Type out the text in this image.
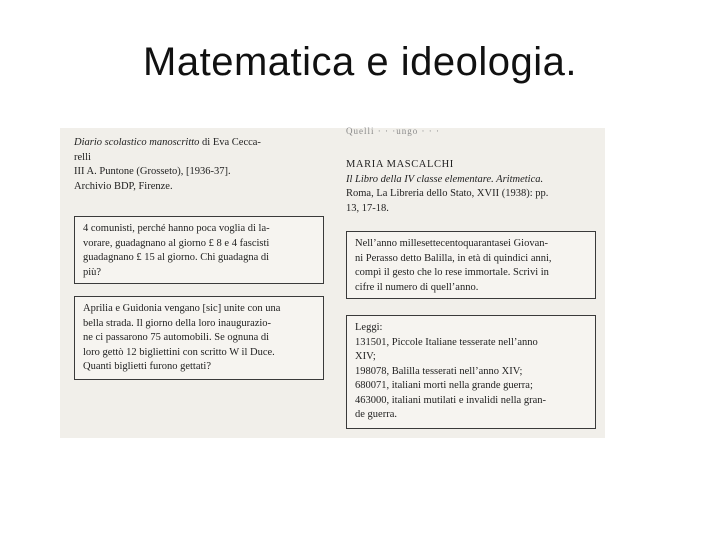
Matematica e ideologia.
Diario scolastico manoscritto di Eva Cecca-
relli
III A. Puntone (Grosseto), [1936-37].
Archivio BDP, Firenze.
4 comunisti, perché hanno poca voglia di la-
vorare, guadagnano al giorno £ 8 e 4 fascisti
guadagnano £ 15 al giorno. Chi guadagna di
più?
Aprilia e Guidonia vengano [sic] unite con una
bella strada. Il giorno della loro inaugurazio-
ne ci passarono 75 automobili. Se ognuna di
loro gettò 12 bigliettini con scritto W il Duce.
Quanti biglietti furono gettati?
Quelli · · ·ungo · · ·
MARIA MASCALCHI
Il Libro della IV classe elementare. Aritmetica.
Roma, La Libreria dello Stato, XVII (1938): pp.
13, 17-18.
Nell’anno millesettecentoquarantasei Giovan-
ni Perasso detto Balilla, in età di quindici anni,
compì il gesto che lo rese immortale. Scrivi in
cifre il numero di quell’anno.
Leggi:
131501, Piccole Italiane tesserate nell’anno
XIV;
198078, Balilla tesserati nell’anno XIV;
680071, italiani morti nella grande guerra;
463000, italiani mutilati e invalidi nella gran-
de guerra.
